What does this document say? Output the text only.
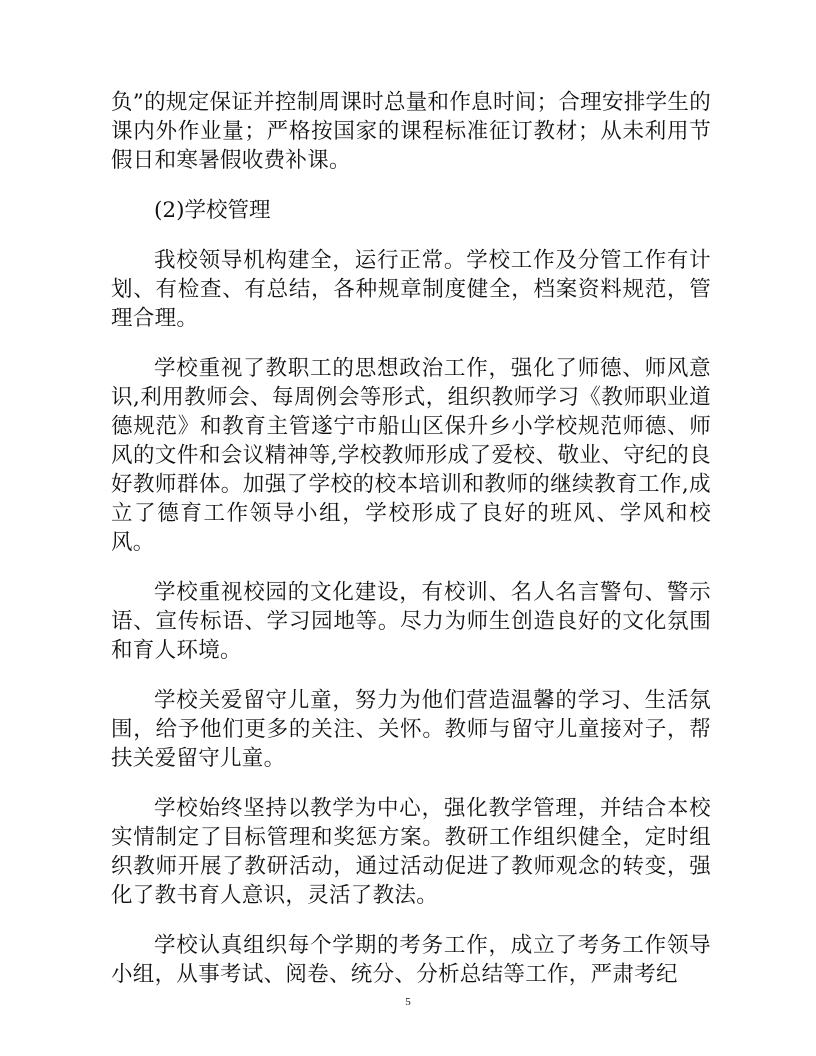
负”的规定保证并控制周课时总量和作息时间；合理安排学生的课内外作业量；严格按国家的课程标准征订教材；从未利用节假日和寒暑假收费补课。

(2)学校管理

我校领导机构建全，运行正常。学校工作及分管工作有计划、有检查、有总结，各种规章制度健全，档案资料规范，管理合理。

学校重视了教职工的思想政治工作，强化了师德、师风意识,利用教师会、每周例会等形式，组织教师学习《教师职业道德规范》和教育主管遂宁市船山区保升乡小学校规范师德、师风的文件和会议精神等,学校教师形成了爱校、敬业、守纪的良好教师群体。加强了学校的校本培训和教师的继续教育工作,成立了德育工作领导小组，学校形成了良好的班风、学风和校风。

学校重视校园的文化建设，有校训、名人名言警句、警示语、宣传标语、学习园地等。尽力为师生创造良好的文化氛围和育人环境。

学校关爱留守儿童，努力为他们营造温馨的学习、生活氛围，给予他们更多的关注、关怀。教师与留守儿童接对子，帮扶关爱留守儿童。

学校始终坚持以教学为中心，强化教学管理，并结合本校实情制定了目标管理和奖惩方案。教研工作组织健全，定时组织教师开展了教研活动，通过活动促进了教师观念的转变，强化了教书育人意识，灵活了教法。

学校认真组织每个学期的考务工作，成立了考务工作领导小组，从事考试、阅卷、统分、分析总结等工作，严肃考纪

5
